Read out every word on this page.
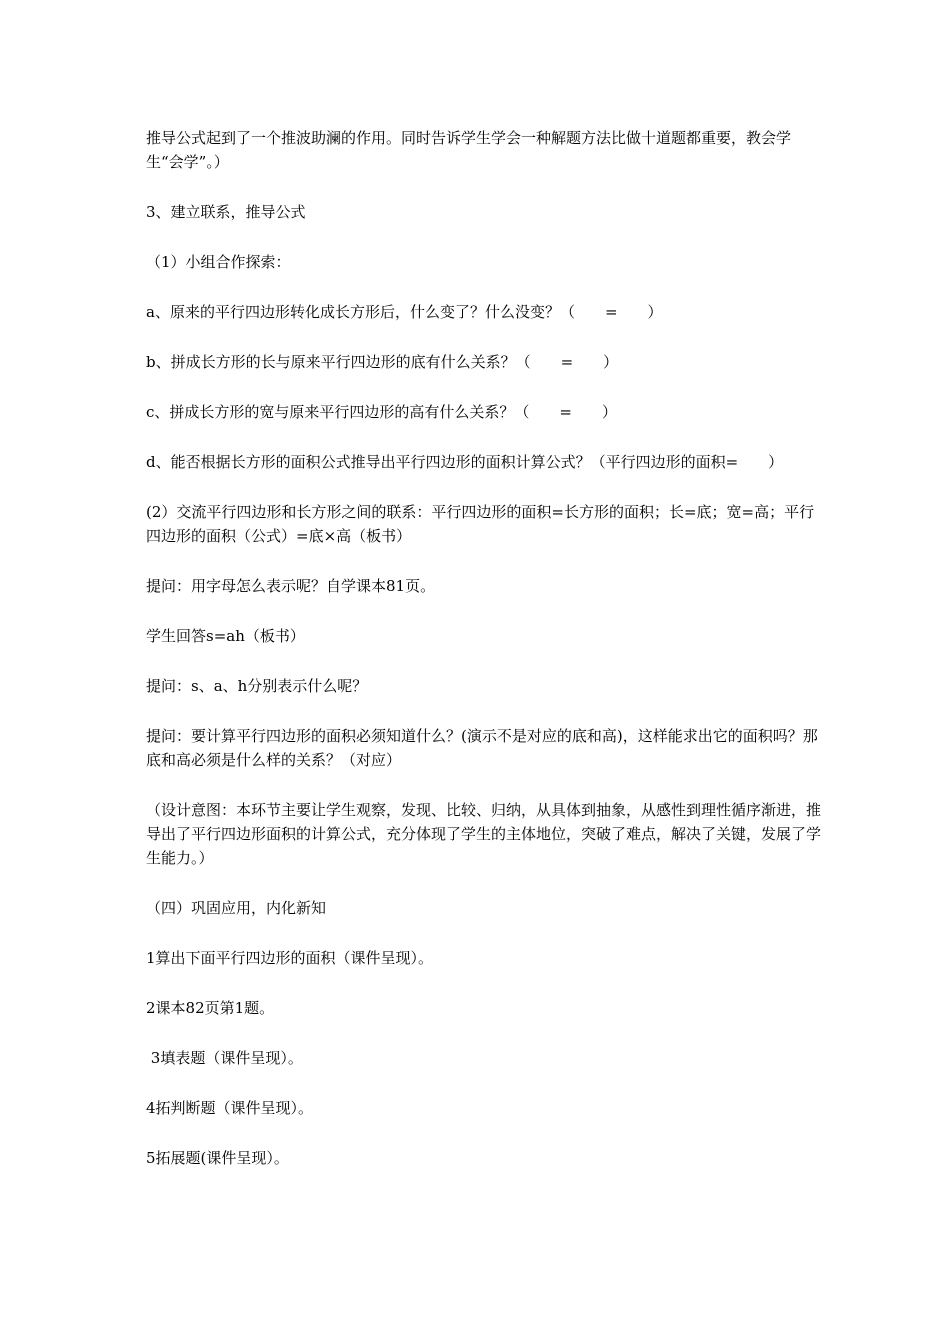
推导公式起到了一个推波助澜的作用。同时告诉学生学会一种解题方法比做十道题都重要，教会学生“会学”。）

3、建立联系，推导公式

（1）小组合作探索：

a、原来的平行四边形转化成长方形后，什么变了？什么没变？（　　=　　）

b、拼成长方形的长与原来平行四边形的底有什么关系？（　　=　　）

c、拼成长方形的宽与原来平行四边形的高有什么关系？（　　=　　）

d、能否根据长方形的面积公式推导出平行四边形的面积计算公式？（平行四边形的面积=　　）

(2）交流平行四边形和长方形之间的联系：平行四边形的面积=长方形的面积；长=底；宽=高；平行四边形的面积（公式）=底×高（板书）

提问：用字母怎么表示呢？自学课本81页。

学生回答s=ah（板书）

提问：s、a、h分别表示什么呢？

提问：要计算平行四边形的面积必须知道什么？(演示不是对应的底和高)，这样能求出它的面积吗？那底和高必须是什么样的关系？（对应）

（设计意图：本环节主要让学生观察，发现、比较、归纳，从具体到抽象，从感性到理性循序渐进，推导出了平行四边形面积的计算公式，充分体现了学生的主体地位，突破了难点，解决了关键，发展了学生能力。）

（四）巩固应用，内化新知

1算出下面平行四边形的面积（课件呈现）。

2课本82页第1题。

3填表题（课件呈现）。

4拓判断题（课件呈现）。

5拓展题(课件呈现）。
